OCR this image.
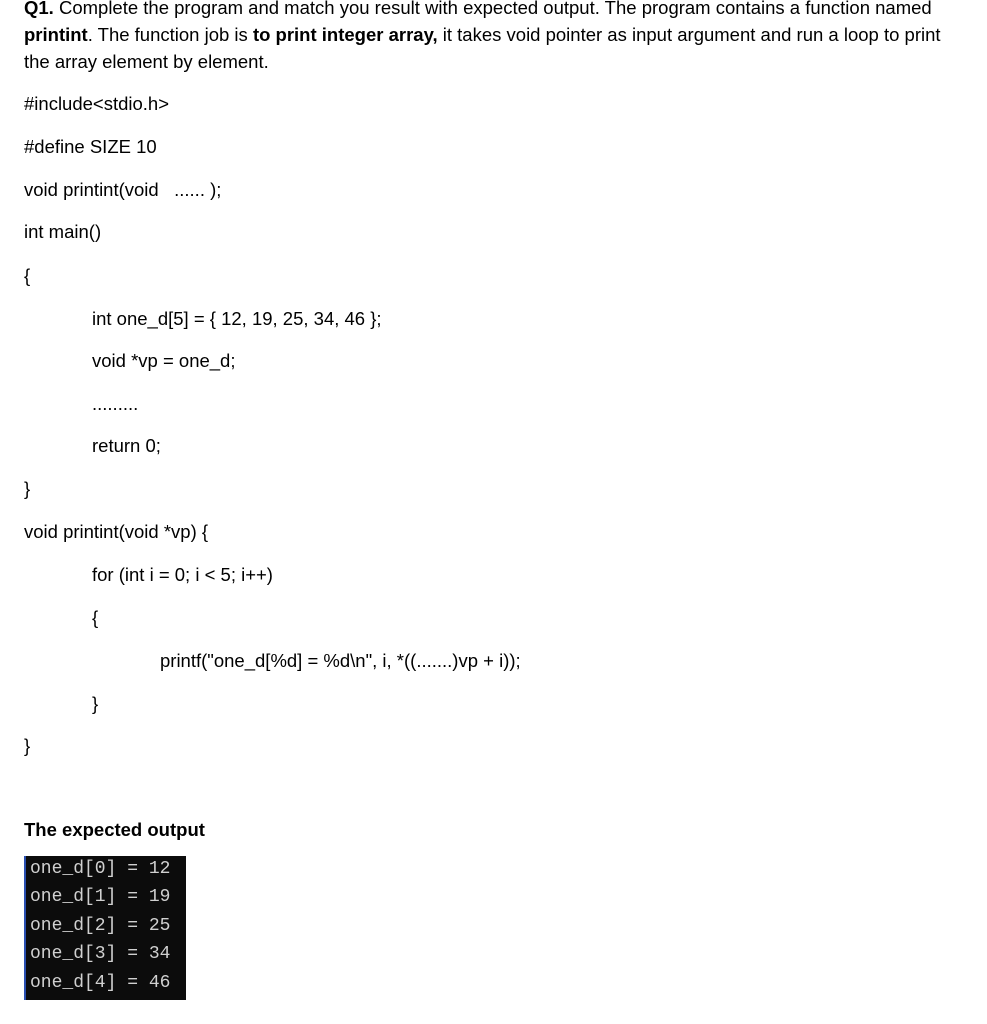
Q1. Complete the program and match you result with expected output. The program contains a function named printint. The function job is to print integer array, it takes void pointer as input argument and run a loop to print the array element by element.
#include<stdio.h>
#define SIZE 10
void printint(void   ...... );
int main()
{
int one_d[5] = { 12, 19, 25, 34, 46 };
void *vp = one_d;
.........
return 0;
}
void printint(void *vp) {
for (int i = 0; i < 5; i++)
{
printf("one_d[%d] = %d\n", i, *((.......)vp + i));
}
}
The expected output
one_d[0] = 12
one_d[1] = 19
one_d[2] = 25
one_d[3] = 34
one_d[4] = 46
